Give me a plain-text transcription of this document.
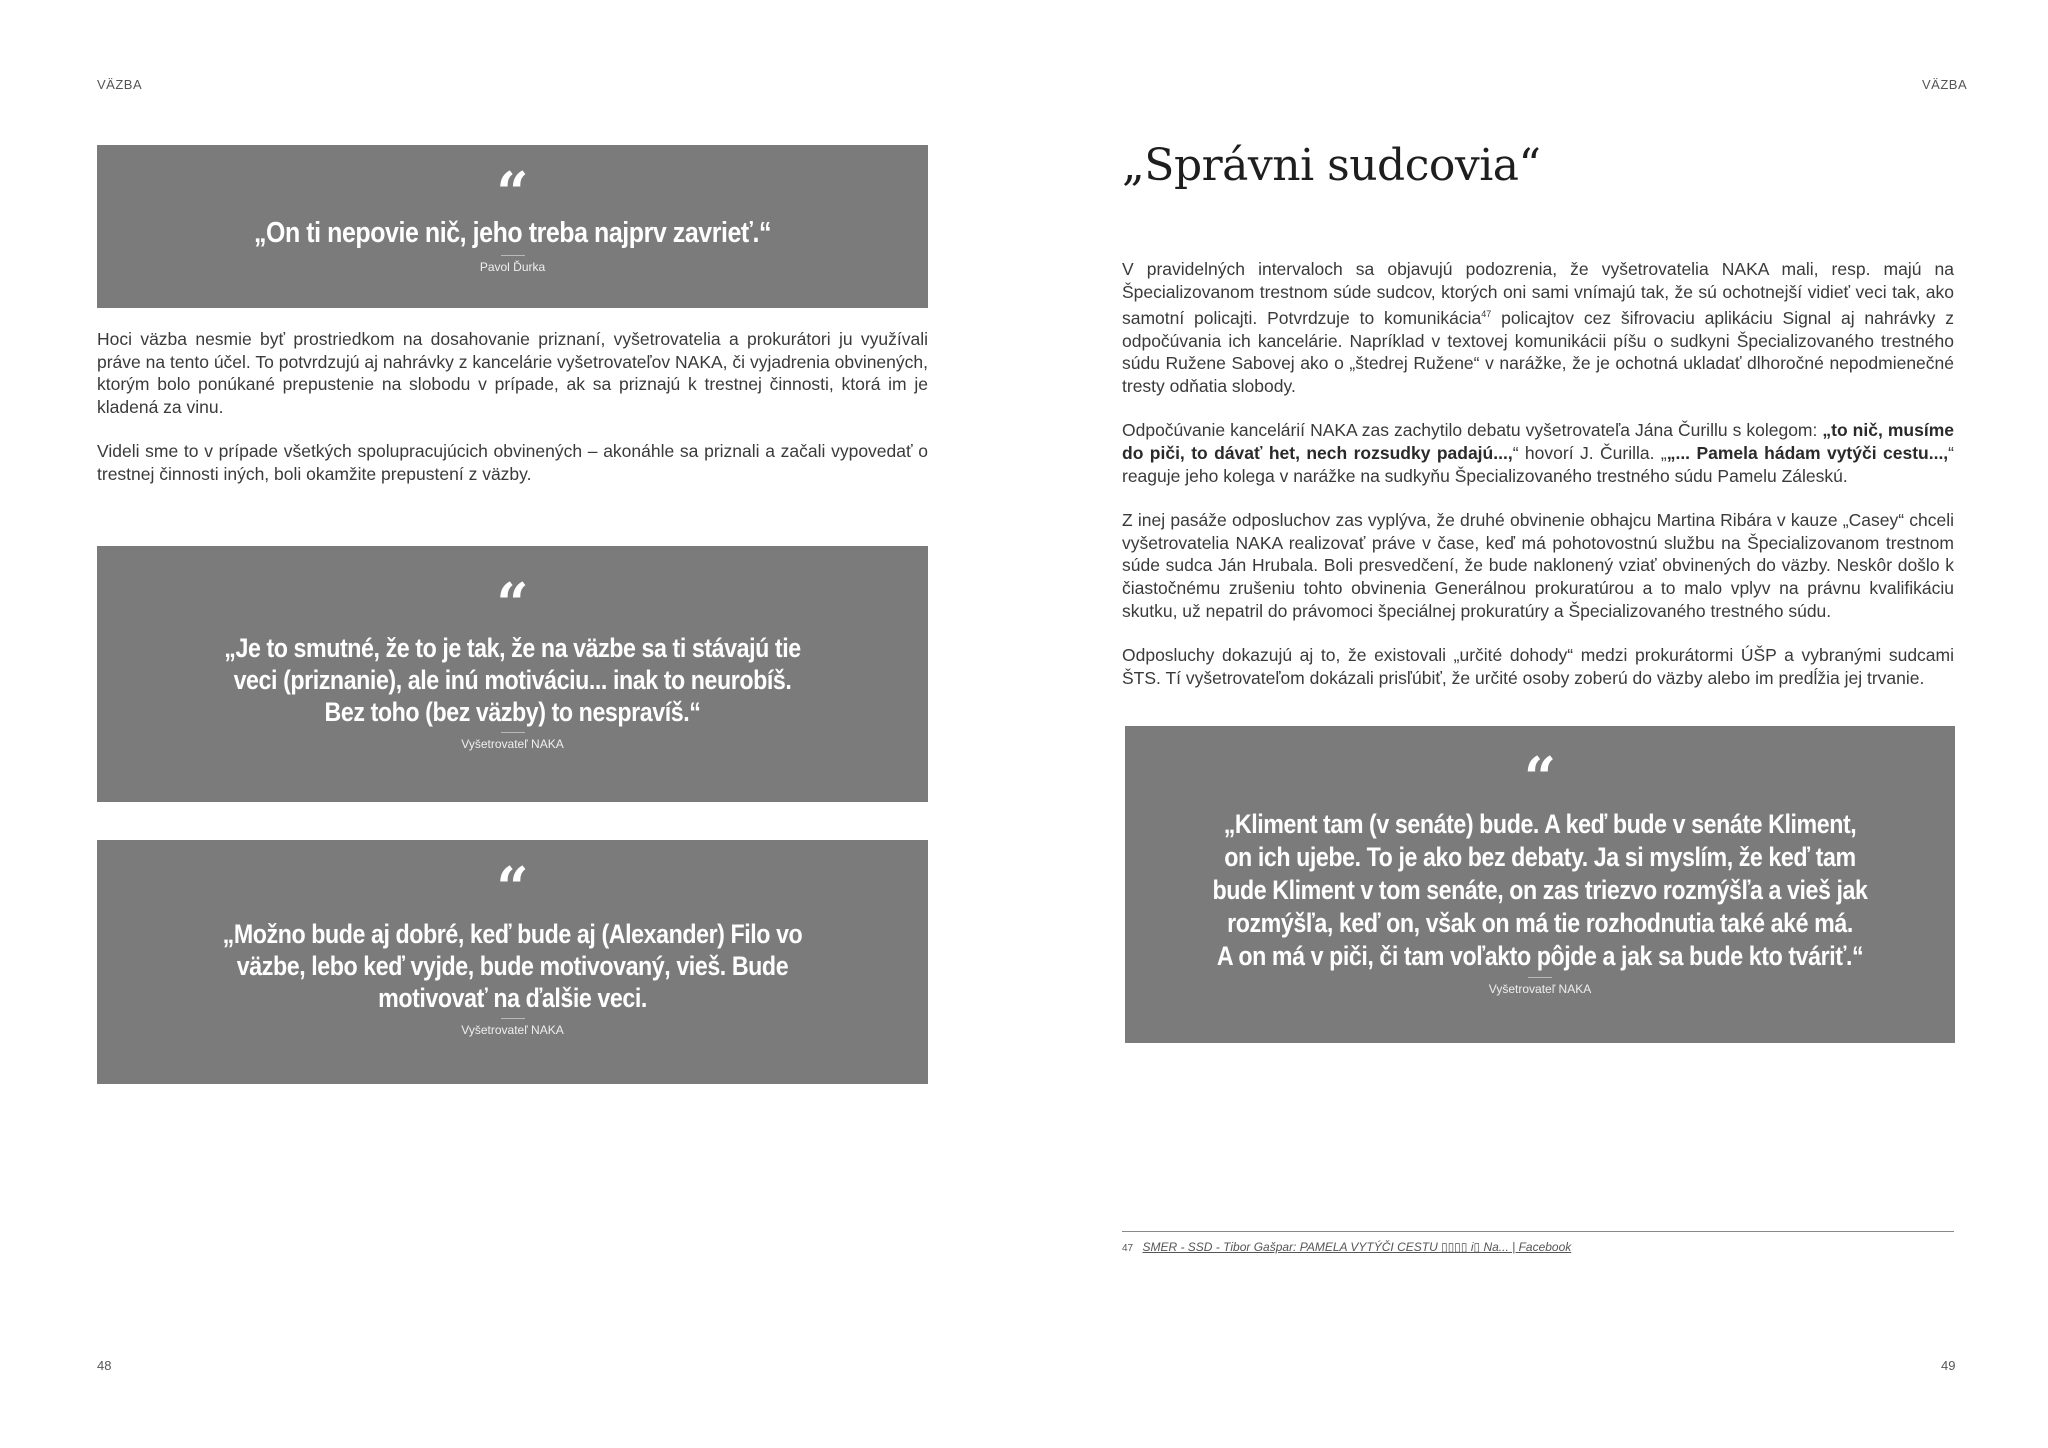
VÄZBA
“
„On ti nepovie nič, jeho treba najprv zavrieť.“
Pavol Ďurka

Hoci väzba nesmie byť prostriedkom na dosahovanie priznaní, vyšetrovatelia a prokurátori ju využívali práve na tento účel. To potvrdzujú aj nahrávky z kancelárie vyšetrovateľov NAKA, či vyjadrenia obvinených, ktorým bolo ponúkané prepustenie na slobodu v prípade, ak sa priznajú k trestnej činnosti, ktorá im je kladená za vinu.

Videli sme to v prípade všetkých spolupracujúcich obvinených – akonáhle sa priznali a začali vypovedať o trestnej činnosti iných, boli okamžite prepustení z väzby.

“
„Je to smutné, že to je tak, že na väzbe sa ti stávajú tie
veci (priznanie), ale inú motiváciu... inak to neurobíš.
Bez toho (bez väzby) to nespravíš.“
Vyšetrovateľ NAKA
“
„Možno bude aj dobré, keď bude aj (Alexander) Filo vo
väzbe, lebo keď vyjde, bude motivovaný, vieš. Bude
motivovať na ďalšie veci.
Vyšetrovateľ NAKA
48
VÄZBA
„Správni sudcovia“

V pravidelných intervaloch sa objavujú podozrenia, že vyšetrovatelia NAKA mali, resp. majú na Špecializovanom trestnom súde sudcov, ktorých oni sami vnímajú tak, že sú ochotnejší vidieť veci tak, ako samotní policajti. Potvrdzuje to komunikácia$^{47}$ policajtov cez šifrovaciu aplikáciu Signal aj nahrávky z odpočúvania ich kancelárie. Napríklad v textovej komunikácii píšu o sudkyni Špecializovaného trestného súdu Ružene Sabovej ako o „štedrej Ružene“ v narážke, že je ochotná ukladať dlhoročné nepodmienečné tresty odňatia slobody.

Odpočúvanie kancelárií NAKA zas zachytilo debatu vyšetrovateľa Jána Čurillu s kolegom: „to nič, musíme do piči, to dávať het, nech rozsudky padajú...,“ hovorí J. Čurilla. „„... Pamela hádam vytýči cestu...,“ reaguje jeho kolega v narážke na sudkyňu Špecializovaného trestného súdu Pamelu Záleskú.

Z inej pasáže odposluchov zas vyplýva, že druhé obvinenie obhajcu Martina Ribára v kauze „Casey“ chceli vyšetrovatelia NAKA realizovať práve v čase, keď má pohotovostnú službu na Špecializovanom trestnom súde sudca Ján Hrubala. Boli presvedčení, že bude naklonený vziať obvinených do väzby. Neskôr došlo k čiastočnému zrušeniu tohto obvinenia Generálnou prokuratúrou a to malo vplyv na právnu kvalifikáciu skutku, už nepatril do právomoci špeciálnej prokuratúry a Špecializovaného trestného súdu.

Odposluchy dokazujú aj to, že existovali „určité dohody“ medzi prokurátormi ÚŠP a vybranými sudcami ŠTS. Tí vyšetrovateľom dokázali prisľúbiť, že určité osoby zoberú do väzby alebo im predĺžia jej trvanie.

“
„Kliment tam (v senáte) bude. A keď bude v senáte Kliment,
on ich ujebe. To je ako bez debaty. Ja si myslím, že keď tam
bude Kliment v tom senáte, on zas triezvo rozmýšľa a vieš jak
rozmýšľa, keď on, však on má tie rozhodnutia také aké má.
A on má v piči, či tam voľakto pôjde a jak sa bude kto tváriť.“
Vyšetrovateľ NAKA
47 SMER - SSD - Tibor Gašpar: PAMELA VYTÝČI CESTU ▯▯▯▯ i▯ Na... | Facebook
49
